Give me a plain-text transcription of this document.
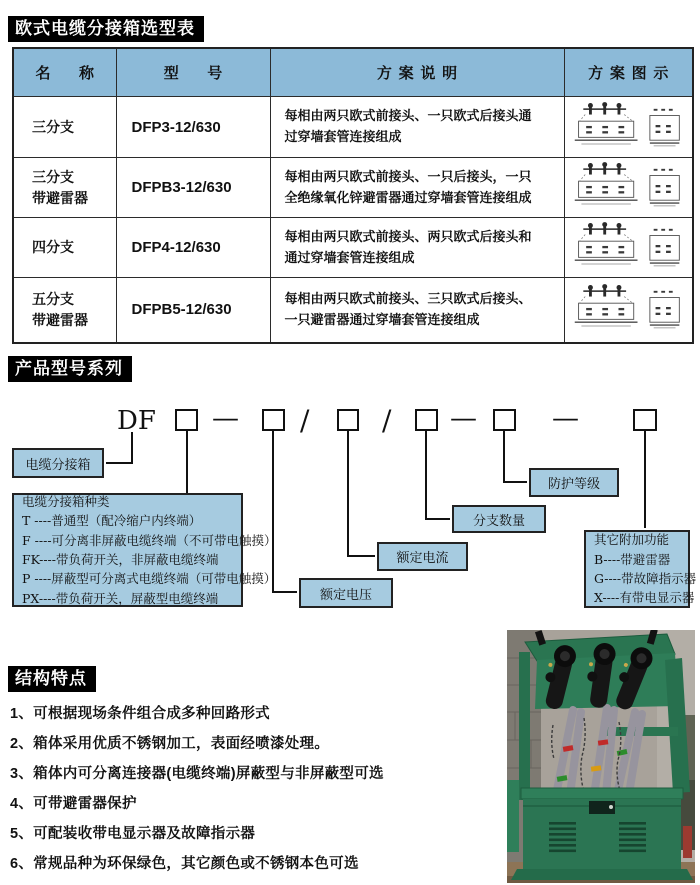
欧式电缆分接箱选型表
名　称	型　号	方案说明	方案图示
三分支	DFP3-12/630	每相由两只欧式前接头、一只欧式后接头通过穿墙套管连接组成	
三分支
带避雷器	DFPB3-12/630	每相由两只欧式前接头、一只后接头，一只全绝缘氧化锌避雷器通过穿墙套管连接组成	
四分支	DFP4-12/630	每相由两只欧式前接头、两只欧式后接头和通过穿墙套管连接组成	
五分支
带避雷器	DFPB5-12/630	每相由两只欧式前接头、三只欧式后接头、一只避雷器通过穿墙套管连接组成	
产品型号系列
DF — /	/ —	—
电缆分接箱
电缆分接箱种类
T ----普通型（配冷缩户内终端）
F ----可分离非屏蔽电缆终端（不可带电触摸）
FK----带负荷开关，非屏蔽电缆终端
P ----屏蔽型可分离式电缆终端（可带电触摸）
PX----带负荷开关，屏蔽型电缆终端	额定电压
额定电流
分支数量
防护等级
其它附加功能
B----带避雷器
G----带故障指示器
X----有带电显示器
结构特点
1、可根据现场条件组合成多种回路形式
2、箱体采用优质不锈钢加工，表面经喷漆处理。
3、箱体内可分离连接器(电缆终端)屏蔽型与非屏蔽型可选
4、可带避雷器保护
5、可配装收带电显示器及故障指示器
6、常规品种为环保绿色，其它颜色或不锈钢本色可选
